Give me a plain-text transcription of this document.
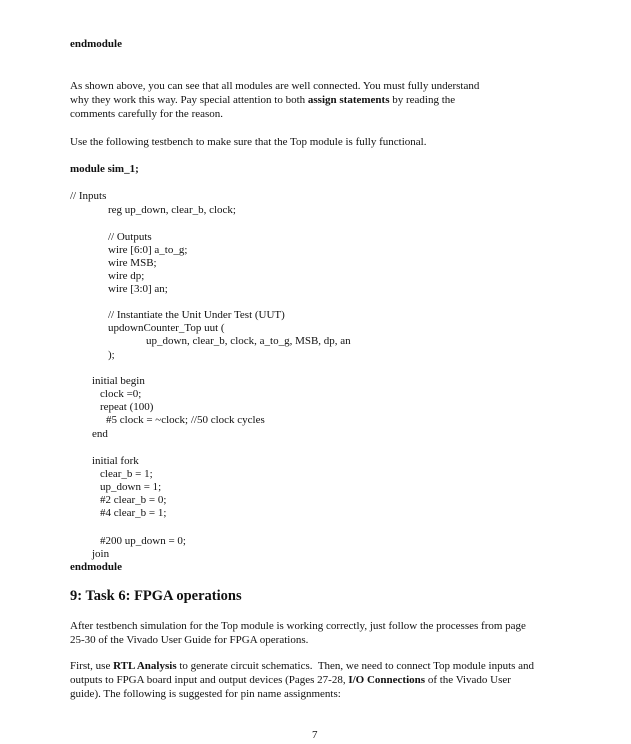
endmodule
As shown above, you can see that all modules are well connected. You must fully understand
why they work this way. Pay special attention to both assign statements by reading the
comments carefully for the reason.
Use the following testbench to make sure that the Top module is fully functional.
module sim_1;
// Inputs
reg up_down, clear_b, clock;
// Outputs
wire [6:0] a_to_g;
wire MSB;
wire dp;
wire [3:0] an;
// Instantiate the Unit Under Test (UUT)
updownCounter_Top uut (
up_down, clear_b, clock, a_to_g, MSB, dp, an
);
initial begin
clock =0;
repeat (100)
#5 clock = ~clock; //50 clock cycles
end
initial fork
clear_b = 1;
up_down = 1;
#2 clear_b = 0;
#4 clear_b = 1;
#200 up_down = 0;
join
endmodule
9: Task 6: FPGA operations
After testbench simulation for the Top module is working correctly, just follow the processes from page
25-30 of the Vivado User Guide for FPGA operations.
First, use RTL Analysis to generate circuit schematics.  Then, we need to connect Top module inputs and
outputs to FPGA board input and output devices (Pages 27-28, I/O Connections of the Vivado User
guide). The following is suggested for pin name assignments:
7
